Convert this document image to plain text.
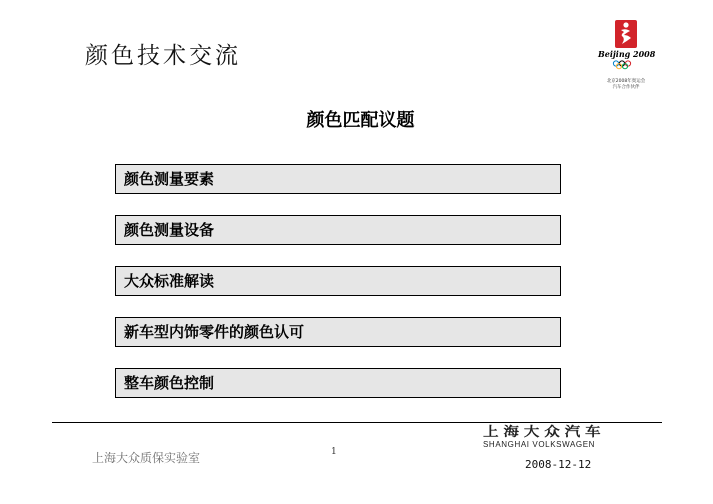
颜色技术交流	Beijing 2008
北京2008年奥运会
汽车合作伙伴
颜色匹配议题
颜色测量要素
颜色测量设备
大众标准解读
新车型内饰零件的颜色认可
整车颜色控制
上海大众质保实验室	1
上海大众汽车
SHANGHAI VOLKSWAGEN
2008-12-12
